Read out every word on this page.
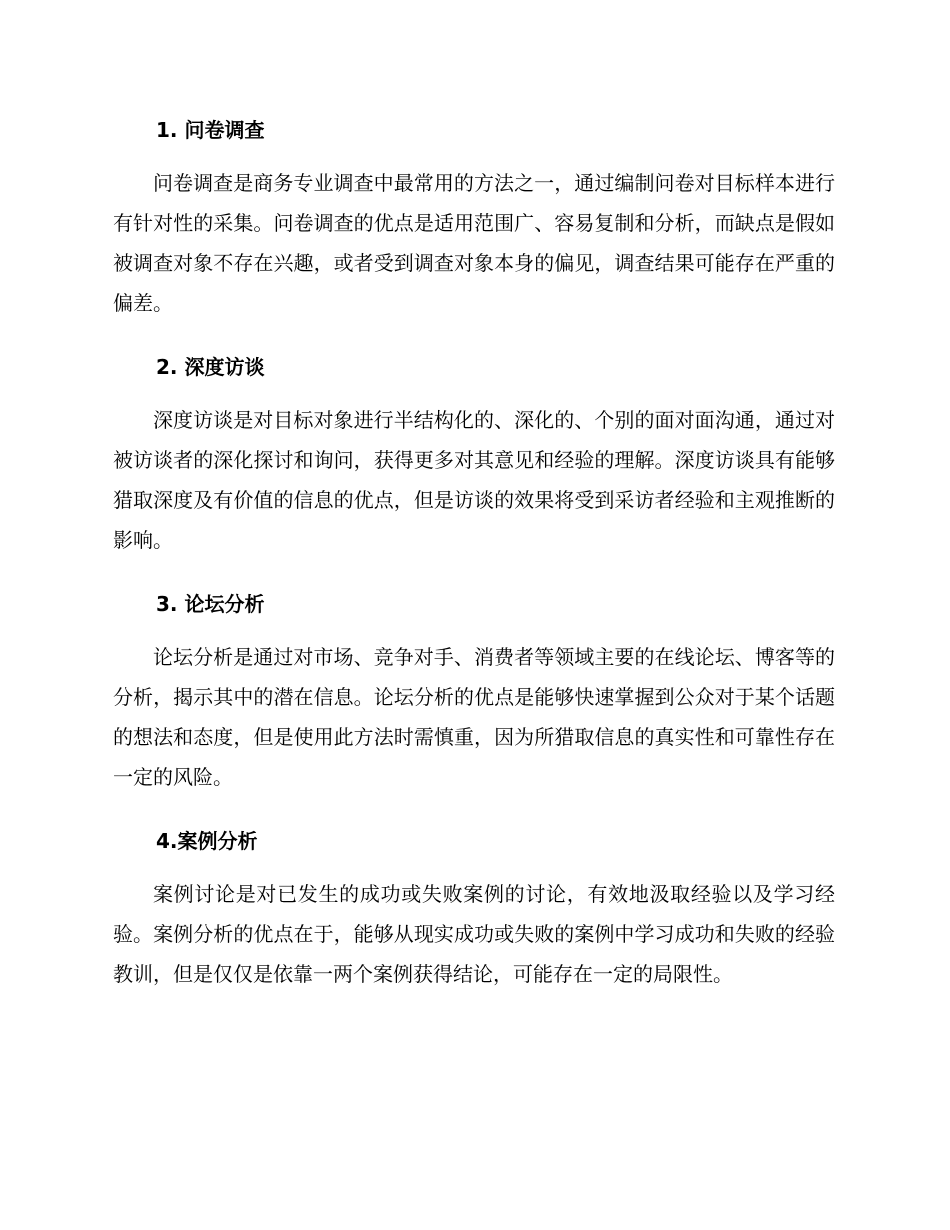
1. 问卷调查

问卷调查是商务专业调查中最常用的方法之一，通过编制问卷对目标样本进行有针对性的采集。问卷调查的优点是适用范围广、容易复制和分析，而缺点是假如被调查对象不存在兴趣，或者受到调查对象本身的偏见，调查结果可能存在严重的偏差。

2. 深度访谈

深度访谈是对目标对象进行半结构化的、深化的、个别的面对面沟通，通过对被访谈者的深化探讨和询问，获得更多对其意见和经验的理解。深度访谈具有能够猎取深度及有价值的信息的优点，但是访谈的效果将受到采访者经验和主观推断的影响。

3. 论坛分析

论坛分析是通过对市场、竞争对手、消费者等领域主要的在线论坛、博客等的分析，揭示其中的潜在信息。论坛分析的优点是能够快速掌握到公众对于某个话题的想法和态度，但是使用此方法时需慎重，因为所猎取信息的真实性和可靠性存在一定的风险。

4.案例分析

案例讨论是对已发生的成功或失败案例的讨论，有效地汲取经验以及学习经验。案例分析的优点在于，能够从现实成功或失败的案例中学习成功和失败的经验教训，但是仅仅是依靠一两个案例获得结论，可能存在一定的局限性。
